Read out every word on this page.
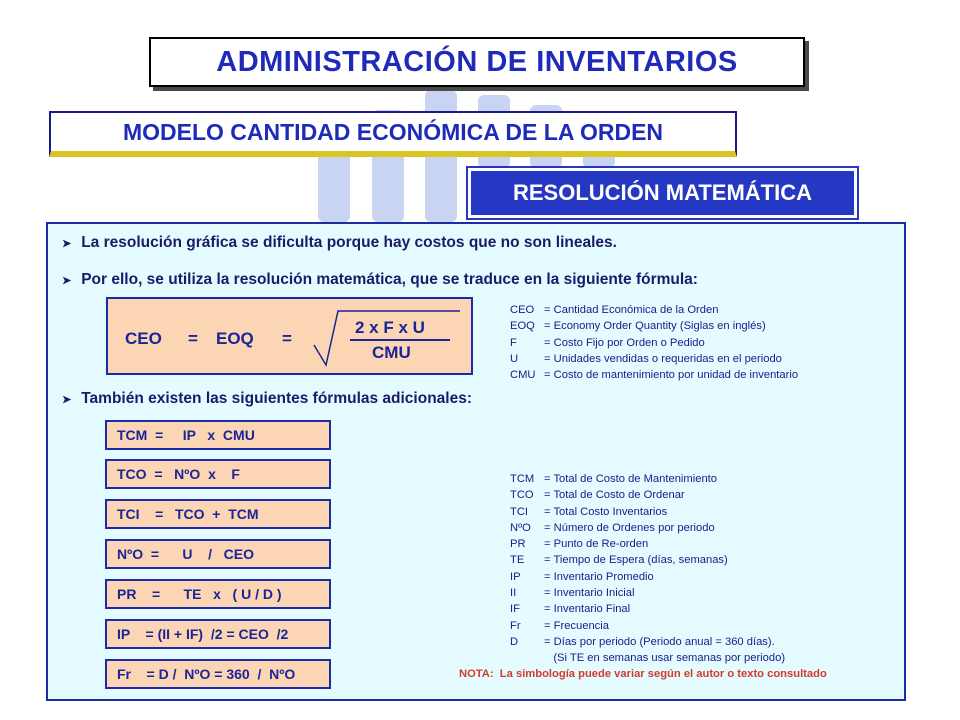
ADMINISTRACIÓN DE INVENTARIOS
MODELO CANTIDAD ECONÓMICA DE LA ORDEN
RESOLUCIÓN MATEMÁTICA
➤ La resolución gráfica se dificulta porque hay costos que no son lineales.
➤ Por ello, se utiliza la resolución matemática, que se traduce en la siguiente fórmula:
CEO = EOQ =
2 x F x U
CMU
CEO = Cantidad Económica de la Orden
EOQ = Economy Order Quantity (Siglas en inglés)
F = Costo Fijo por Orden o Pedido
U = Unidades vendidas o requeridas en el periodo
CMU = Costo de mantenimiento por unidad de inventario
➤ También existen las siguientes fórmulas adicionales:
TCM  =     IP   x  CMU
TCO  =   NºO  x    F
TCI    =   TCO  +  TCM
NºO  =      U    /   CEO
PR    =      TE   x   ( U / D )
IP    = (II + IF)  /2 = CEO  /2
Fr    = D /  NºO = 360  /  NºO
TCM = Total de Costo de Mantenimiento
TCO = Total de Costo de Ordenar
TCI = Total Costo Inventarios
NºO = Número de Ordenes por periodo
PR = Punto de Re-orden
TE = Tiempo de Espera (días, semanas)
IP = Inventario Promedio
II = Inventario Inicial
IF = Inventario Final
Fr = Frecuencia
D = Días por periodo (Periodo anual = 360 días).
(Si TE en semanas usar semanas por periodo)
NOTA:  La simbología puede variar según el autor o texto consultado
